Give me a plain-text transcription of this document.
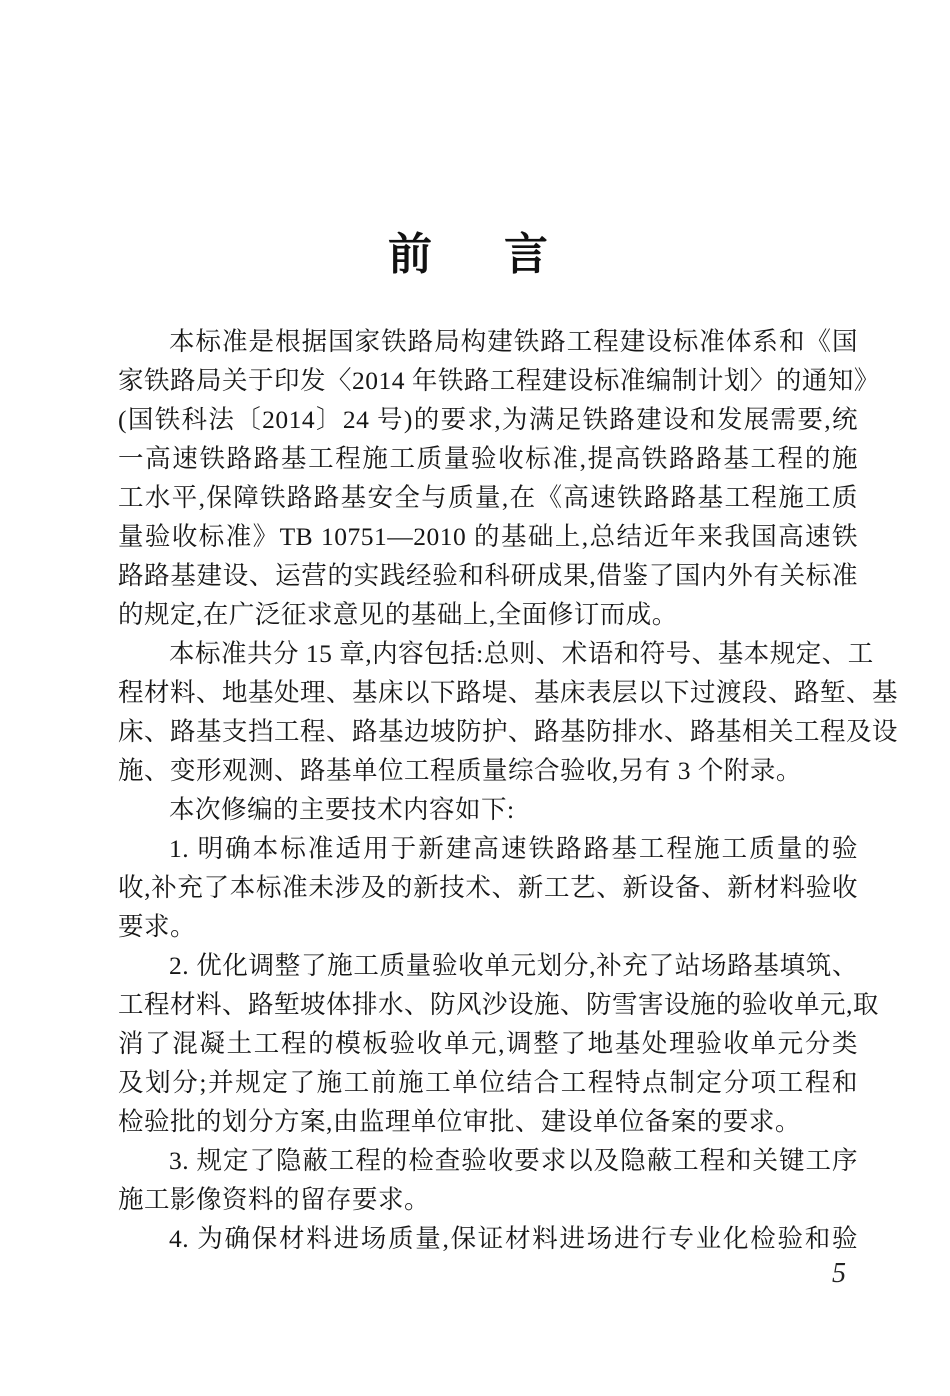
前　言
本标准是根据国家铁路局构建铁路工程建设标准体系和《国
家铁路局关于印发〈2014 年铁路工程建设标准编制计划〉的通知》
(国铁科法〔2014〕24 号)的要求,为满足铁路建设和发展需要,统
一高速铁路路基工程施工质量验收标准,提高铁路路基工程的施
工水平,保障铁路路基安全与质量,在《高速铁路路基工程施工质
量验收标准》TB 10751—2010 的基础上,总结近年来我国高速铁
路路基建设、运营的实践经验和科研成果,借鉴了国内外有关标准
的规定,在广泛征求意见的基础上,全面修订而成。
本标准共分 15 章,内容包括:总则、术语和符号、基本规定、工
程材料、地基处理、基床以下路堤、基床表层以下过渡段、路堑、基
床、路基支挡工程、路基边坡防护、路基防排水、路基相关工程及设
施、变形观测、路基单位工程质量综合验收,另有 3 个附录。
本次修编的主要技术内容如下:
1. 明确本标准适用于新建高速铁路路基工程施工质量的验
收,补充了本标准未涉及的新技术、新工艺、新设备、新材料验收
要求。
2. 优化调整了施工质量验收单元划分,补充了站场路基填筑、
工程材料、路堑坡体排水、防风沙设施、防雪害设施的验收单元,取
消了混凝土工程的模板验收单元,调整了地基处理验收单元分类
及划分;并规定了施工前施工单位结合工程特点制定分项工程和
检验批的划分方案,由监理单位审批、建设单位备案的要求。
3. 规定了隐蔽工程的检查验收要求以及隐蔽工程和关键工序
施工影像资料的留存要求。
4. 为确保材料进场质量,保证材料进场进行专业化检验和验
5
